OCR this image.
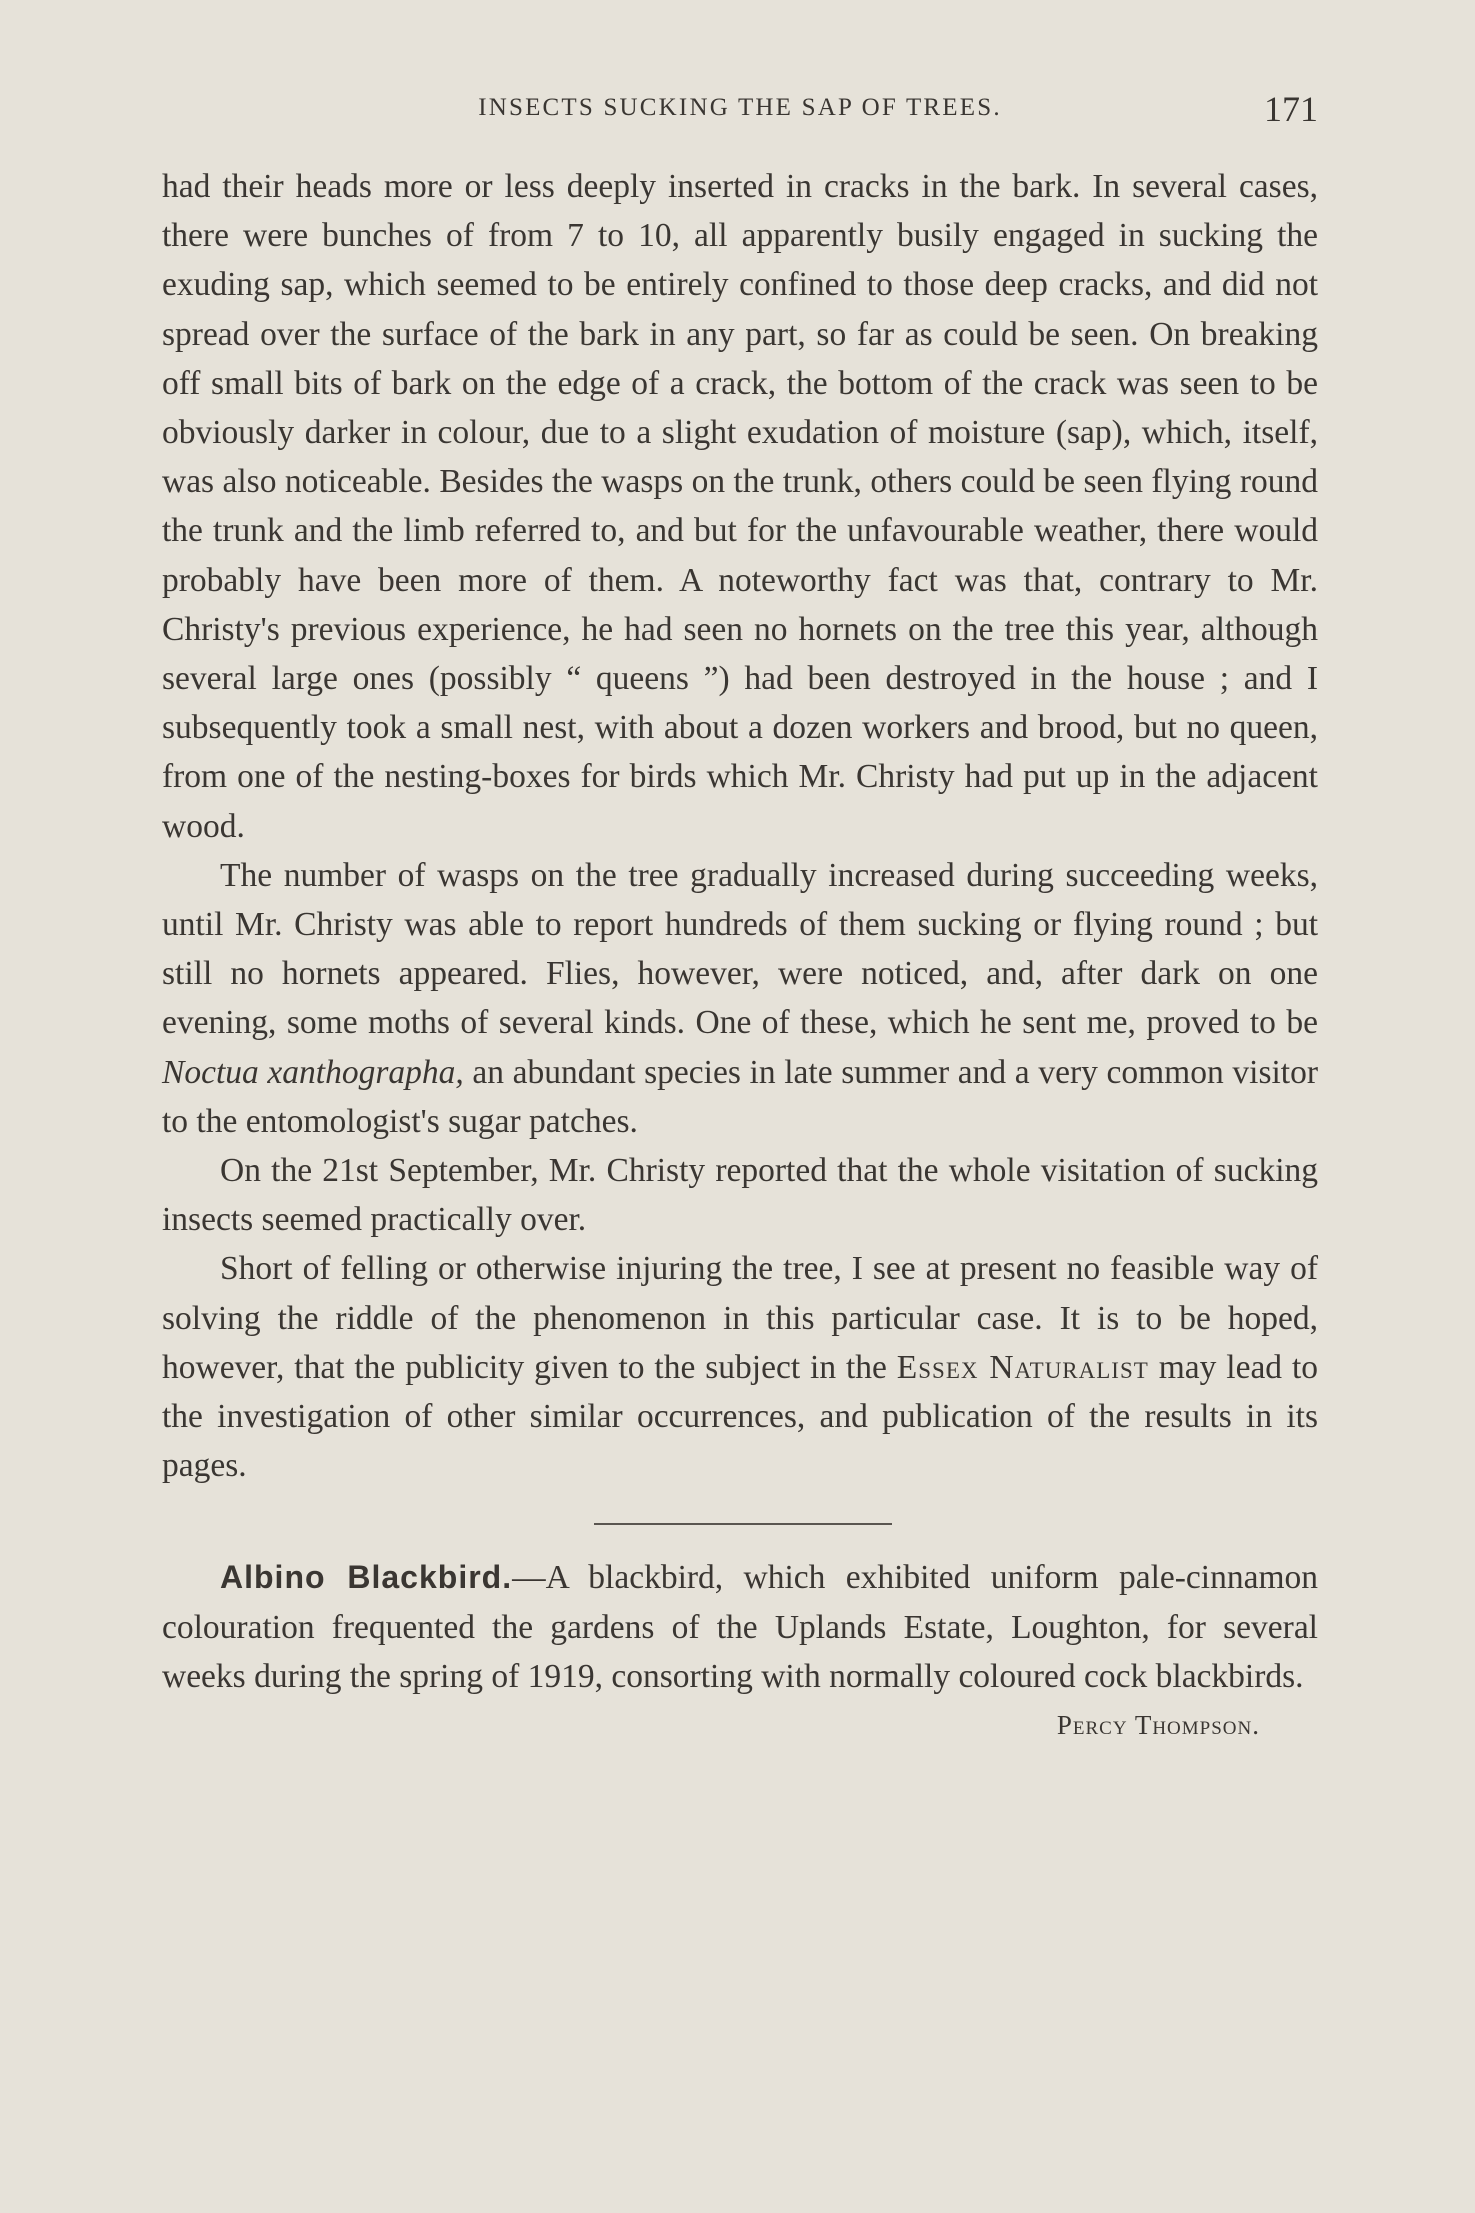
INSECTS SUCKING THE SAP OF TREES.	171

had their heads more or less deeply inserted in cracks in the bark. In several cases, there were bunches of from 7 to 10, all apparently busily engaged in sucking the exuding sap, which seemed to be entirely confined to those deep cracks, and did not spread over the surface of the bark in any part, so far as could be seen. On breaking off small bits of bark on the edge of a crack, the bottom of the crack was seen to be obviously darker in colour, due to a slight exudation of moisture (sap), which, itself, was also noticeable. Besides the wasps on the trunk, others could be seen flying round the trunk and the limb referred to, and but for the unfavourable weather, there would probably have been more of them. A noteworthy fact was that, contrary to Mr. Christy's previous experience, he had seen no hornets on the tree this year, although several large ones (possibly “ queens ”) had been destroyed in the house ; and I subsequently took a small nest, with about a dozen workers and brood, but no queen, from one of the nesting-boxes for birds which Mr. Christy had put up in the adjacent wood.

The number of wasps on the tree gradually increased during succeeding weeks, until Mr. Christy was able to report hundreds of them sucking or flying round ; but still no hornets appeared. Flies, however, were noticed, and, after dark on one evening, some moths of several kinds. One of these, which he sent me, proved to be Noctua xanthographa, an abundant species in late summer and a very common visitor to the entomologist's sugar patches.

On the 21st September, Mr. Christy reported that the whole visitation of sucking insects seemed practically over.

Short of felling or otherwise injuring the tree, I see at present no feasible way of solving the riddle of the phenomenon in this particular case. It is to be hoped, however, that the publicity given to the subject in the Essex Naturalist may lead to the investigation of other similar occurrences, and publication of the results in its pages.

Albino Blackbird.—A blackbird, which exhibited uniform pale-cinnamon colouration frequented the gardens of the Uplands Estate, Loughton, for several weeks during the spring of 1919, consorting with normally coloured cock blackbirds.

Percy Thompson.
